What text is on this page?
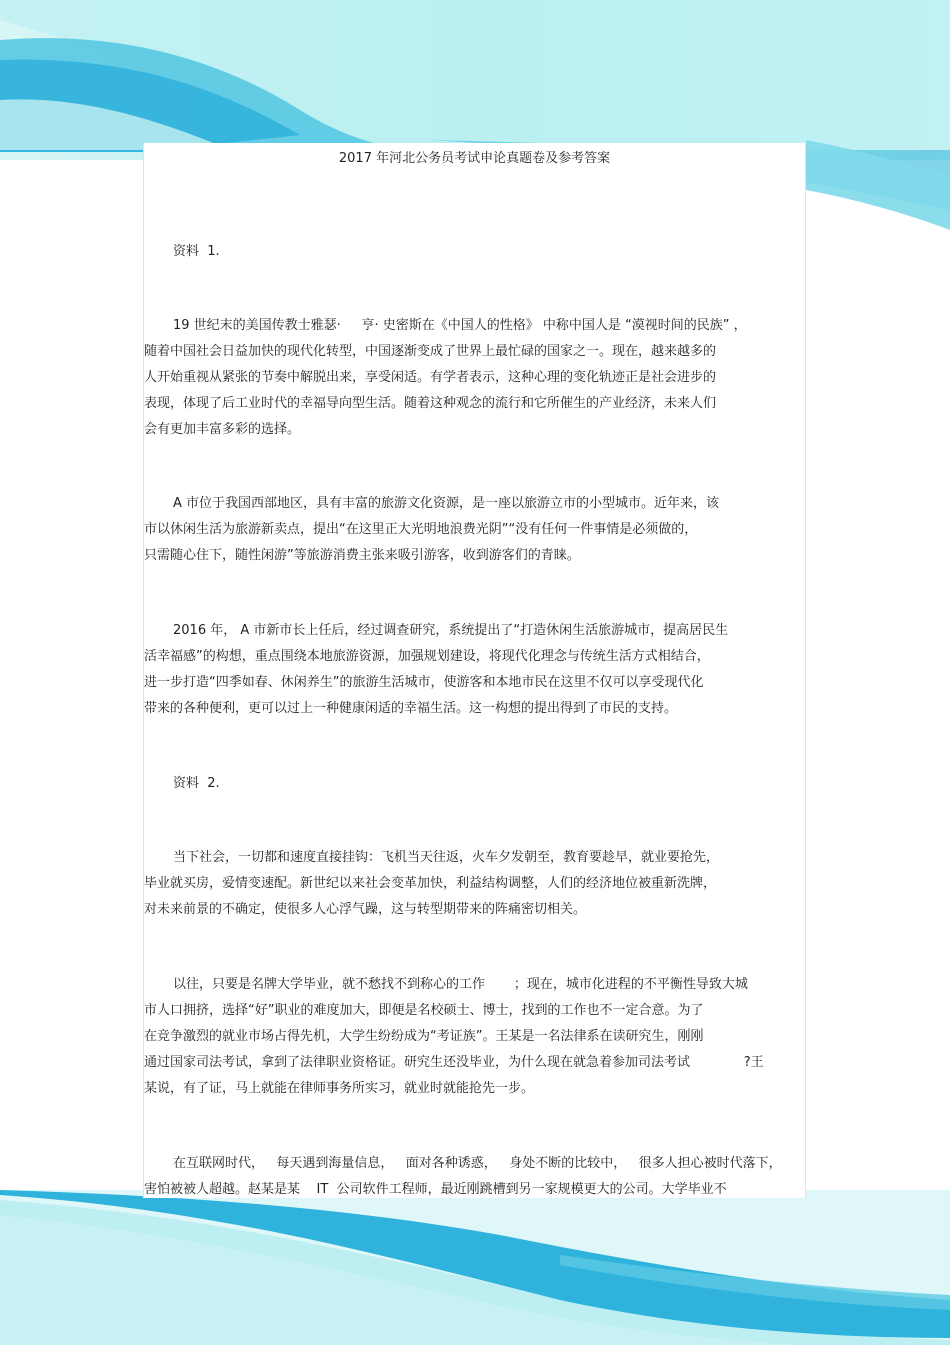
2017 年河北公务员考试申论真题卷及参考答案
资料  1.
19 世纪末的美国传教士雅瑟·     亨· 史密斯在《中国人的性格》 中称中国人是 “漠视时间的民族” ，
随着中国社会日益加快的现代化转型，中国逐渐变成了世界上最忙碌的国家之一。现在，越来越多的
人开始重视从紧张的节奏中解脱出来，享受闲适。有学者表示，这种心理的变化轨迹正是社会进步的
表现，体现了后工业时代的幸福导向型生活。随着这种观念的流行和它所催生的产业经济，未来人们
会有更加丰富多彩的选择。
A 市位于我国西部地区，具有丰富的旅游文化资源，是一座以旅游立市的小型城市。近年来，该
市以休闲生活为旅游新卖点，提出“在这里正大光明地浪费光阴”“没有任何一件事情是必须做的，
只需随心住下，随性闲游”等旅游消费主张来吸引游客，收到游客们的青睐。
2016 年， A 市新市长上任后，经过调查研究，系统提出了“打造休闲生活旅游城市，提高居民生
活幸福感”的构想，重点围绕本地旅游资源，加强规划建设，将现代化理念与传统生活方式相结合，
进一步打造“四季如春、休闲养生”的旅游生活城市，使游客和本地市民在这里不仅可以享受现代化
带来的各种便利，更可以过上一种健康闲适的幸福生活。这一构想的提出得到了市民的支持。
资料  2.
当下社会，一切都和速度直接挂钩：飞机当天往返，火车夕发朝至，教育要趁早，就业要抢先，
毕业就买房，爱情变速配。新世纪以来社会变革加快，利益结构调整，人们的经济地位被重新洗牌，
对未来前景的不确定，使很多人心浮气躁，这与转型期带来的阵痛密切相关。
以往，只要是名牌大学毕业，就不愁找不到称心的工作       ；现在，城市化进程的不平衡性导致大城
市人口拥挤，选择“好”职业的难度加大，即便是名校硕士、博士，找到的工作也不一定合意。为了
在竞争激烈的就业市场占得先机，大学生纷纷成为“考证族”。王某是一名法律系在读研究生，刚刚
通过国家司法考试，拿到了法律职业资格证。研究生还没毕业，为什么现在就急着参加司法考试             ?王
某说，有了证，马上就能在律师事务所实习，就业时就能抢先一步。
在互联网时代，   每天遇到海量信息，   面对各种诱惑，   身处不断的比较中，   很多人担心被时代落下，
害怕被被人超越。赵某是某    IT  公司软件工程师，最近刚跳槽到另一家规模更大的公司。大学毕业不
